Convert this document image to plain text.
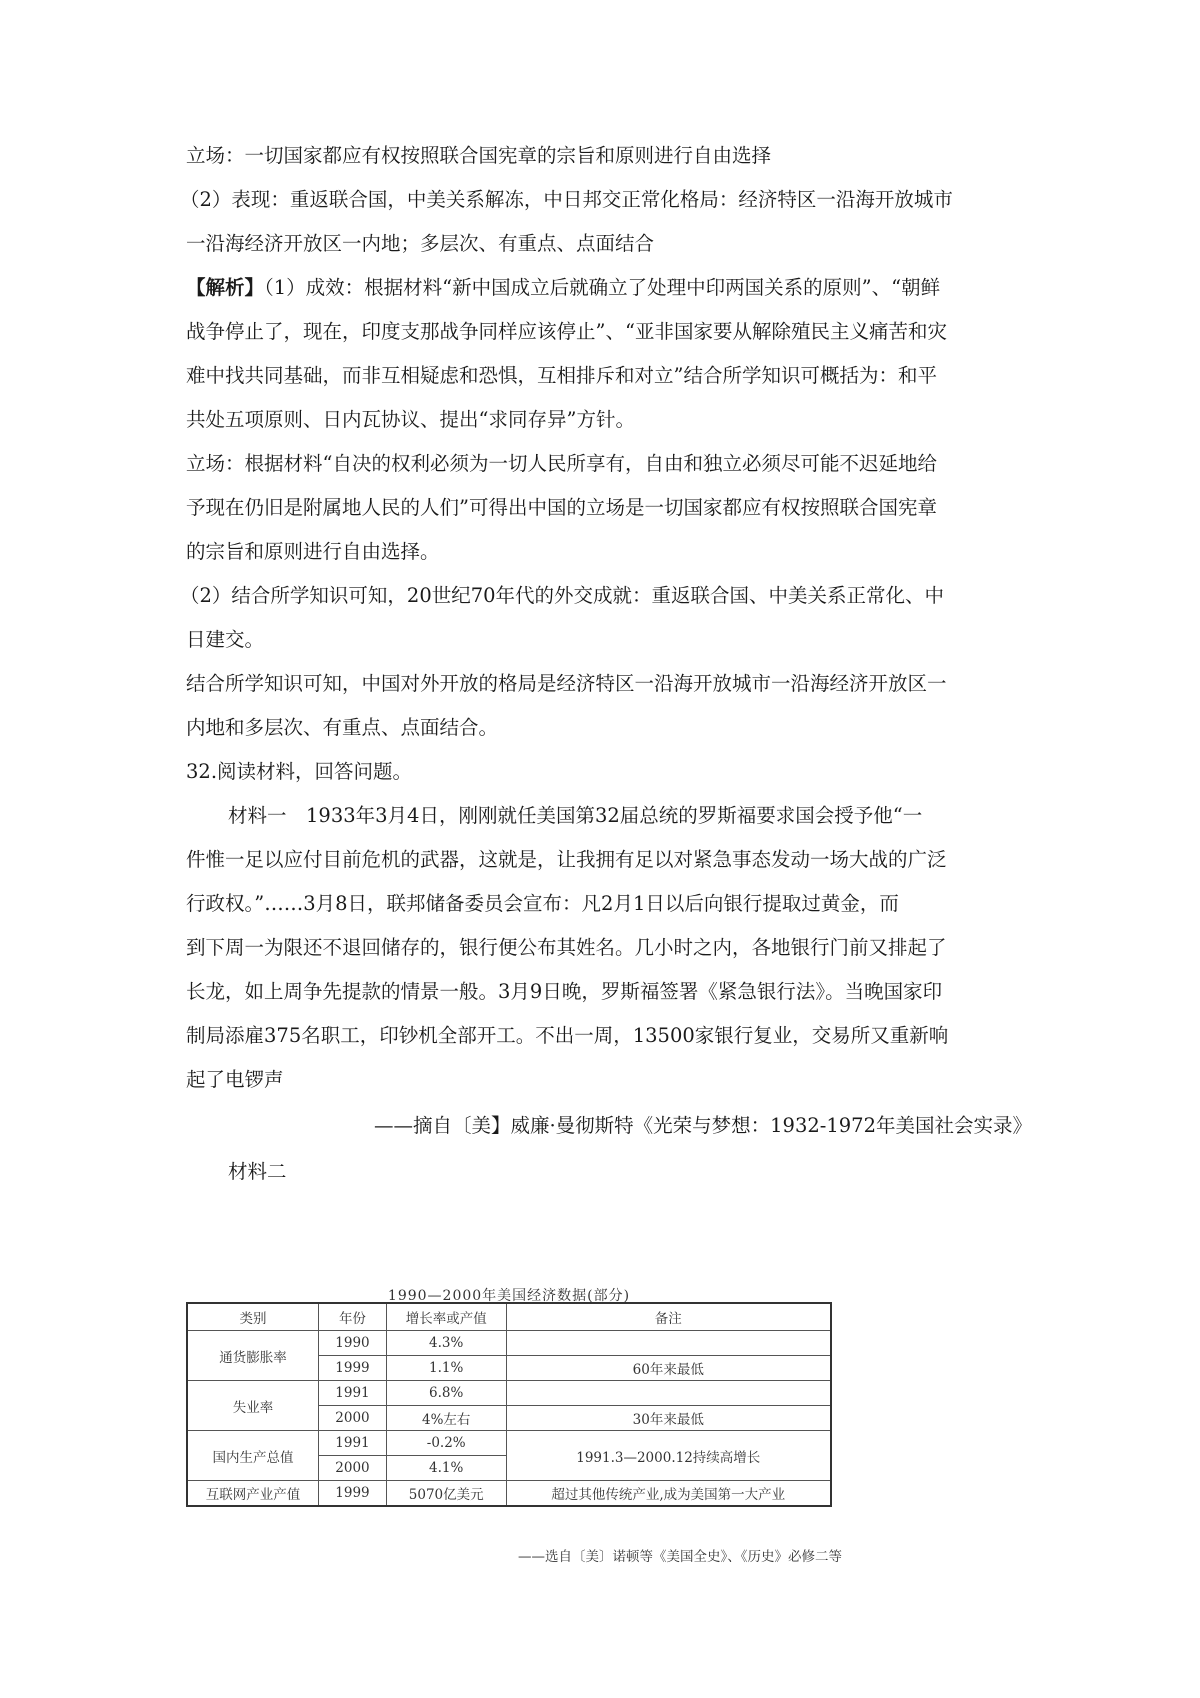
立场：一切国家都应有权按照联合国宪章的宗旨和原则进行自由选择
（2）表现：重返联合国，中美关系解冻，中日邦交正常化格局：经济特区一沿海开放城市
一沿海经济开放区一内地；多层次、有重点、点面结合
【解析】（1）成效：根据材料“新中国成立后就确立了处理中印两国关系的原则”、“朝鲜
战争停止了，现在，印度支那战争同样应该停止”、“亚非国家要从解除殖民主义痛苦和灾
难中找共同基础，而非互相疑虑和恐惧，互相排斥和对立”结合所学知识可概括为：和平
共处五项原则、日内瓦协议、提出“求同存异”方针。
立场：根据材料“自决的权利必须为一切人民所享有，自由和独立必须尽可能不迟延地给
予现在仍旧是附属地人民的人们”可得出中国的立场是一切国家都应有权按照联合国宪章
的宗旨和原则进行自由选择。
（2）结合所学知识可知，20世纪70年代的外交成就：重返联合国、中美关系正常化、中
日建交。
结合所学知识可知，中国对外开放的格局是经济特区一沿海开放城市一沿海经济开放区一
内地和多层次、有重点、点面结合。
32.阅读材料，回答问题。
材料一　1933年3月4日，刚刚就任美国第32届总统的罗斯福要求国会授予他“一
件惟一足以应付目前危机的武器，这就是，让我拥有足以对紧急事态发动一场大战的广泛
行政权。”……3月8日，联邦储备委员会宣布：凡2月1日以后向银行提取过黄金，而
到下周一为限还不退回储存的，银行便公布其姓名。几小时之内，各地银行门前又排起了
长龙，如上周争先提款的情景一般。3月9日晚，罗斯福签署《紧急银行法》。当晚国家印
制局添雇375名职工，印钞机全部开工。不出一周，13500家银行复业，交易所又重新响
起了电锣声
——摘自〔美】威廉·曼彻斯特《光荣与梦想：1932-1972年美国社会实录》
材料二
1990—2000年美国经济数据(部分)
类别	年份	增长率或产值	备注
通货膨胀率	1990	4.3%	
	1999	1.1%	60年来最低
失业率	1991	6.8%	
	2000	4%左右	30年来最低
国内生产总值	1991	-0.2%	1991.3—2000.12持续高增长
	2000	4.1%	
互联网产业产值	1999	5070亿美元	超过其他传统产业,成为美国第一大产业
——选自〔美〕诺顿等《美国全史》、《历史》必修二等
